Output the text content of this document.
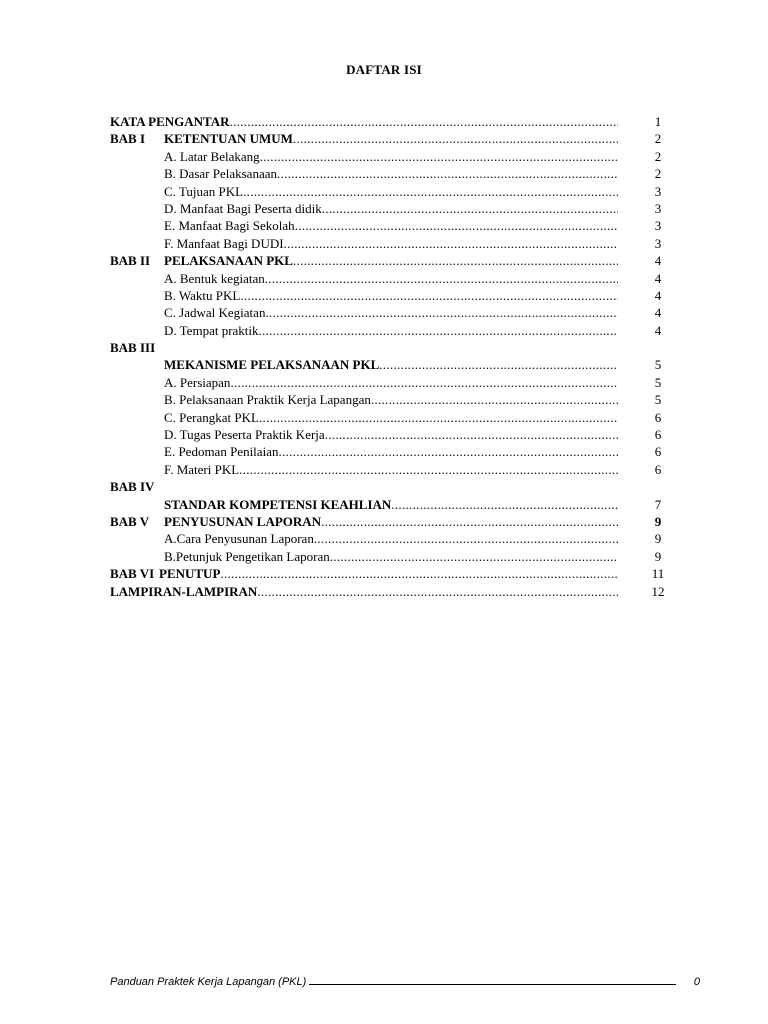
DAFTAR ISI
KATA PENGANTAR .....	1
BAB I KETENTUAN UMUM .....	2
A. Latar Belakang .....	2
B. Dasar Pelaksanaan .....	2
C. Tujuan PKL .....	3
D. Manfaat Bagi Peserta didik .....	3
E. Manfaat Bagi Sekolah .....	3
F. Manfaat Bagi DUDI .....	3
BAB II PELAKSANAAN PKL .....	4
A. Bentuk kegiatan .....	4
B. Waktu PKL .....	4
C. Jadwal Kegiatan .....	4
D. Tempat praktik .....	4
BAB III
MEKANISME PELAKSANAAN PKL .....	5
A. Persiapan .....	5
B. Pelaksanaan Praktik Kerja Lapangan .....	5
C. Perangkat PKL .....	6
D. Tugas Peserta Praktik Kerja .....	6
E. Pedoman Penilaian .....	6
F. Materi PKL .....	6
BAB IV
STANDAR KOMPETENSI KEAHLIAN .....	7
BAB V PENYUSUNAN LAPORAN .....	9
A.Cara Penyusunan Laporan .....	9
B.Petunjuk Pengetikan Laporan .....	9
BAB VI PENUTUP .....	11
LAMPIRAN-LAMPIRAN .....	12
Panduan Praktek Kerja Lapangan (PKL)	0
